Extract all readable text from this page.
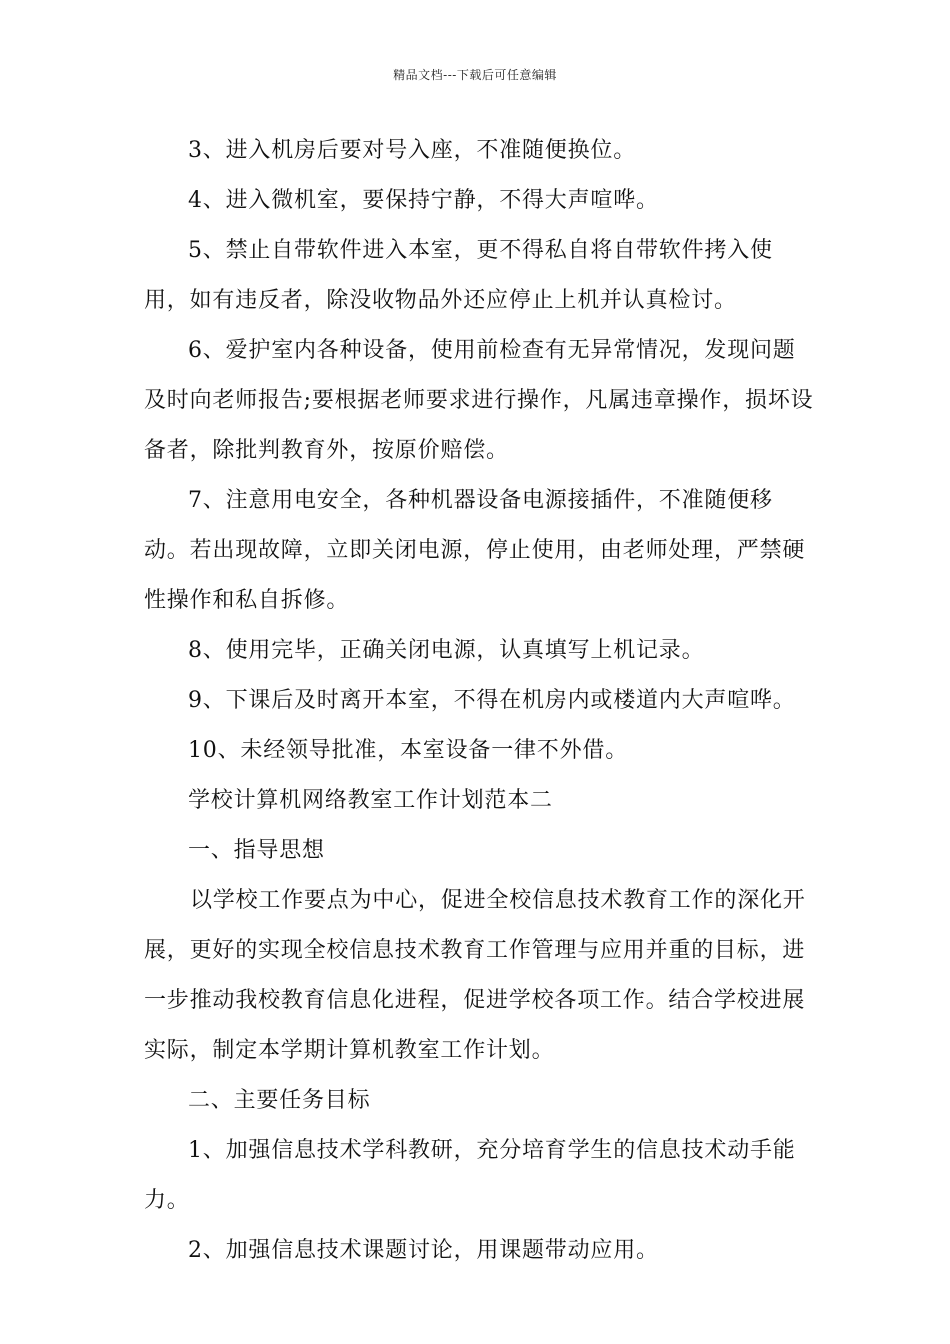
精品文档---下载后可任意编辑

3、进入机房后要对号入座，不准随便换位。

4、进入微机室，要保持宁静，不得大声喧哗。

5、禁止自带软件进入本室，更不得私自将自带软件拷入使用，如有违反者，除没收物品外还应停止上机并认真检讨。

6、爱护室内各种设备，使用前检查有无异常情况，发现问题及时向老师报告;要根据老师要求进行操作，凡属违章操作，损坏设备者，除批判教育外，按原价赔偿。

7、注意用电安全，各种机器设备电源接插件，不准随便移动。若出现故障，立即关闭电源，停止使用，由老师处理，严禁硬性操作和私自拆修。

8、使用完毕，正确关闭电源，认真填写上机记录。

9、下课后及时离开本室，不得在机房内或楼道内大声喧哗。

10、未经领导批准，本室设备一律不外借。

学校计算机网络教室工作计划范本二

一、指导思想

以学校工作要点为中心，促进全校信息技术教育工作的深化开展，更好的实现全校信息技术教育工作管理与应用并重的目标，进一步推动我校教育信息化进程，促进学校各项工作。结合学校进展实际，制定本学期计算机教室工作计划。

二、主要任务目标

1、加强信息技术学科教研，充分培育学生的信息技术动手能力。

2、加强信息技术课题讨论，用课题带动应用。
